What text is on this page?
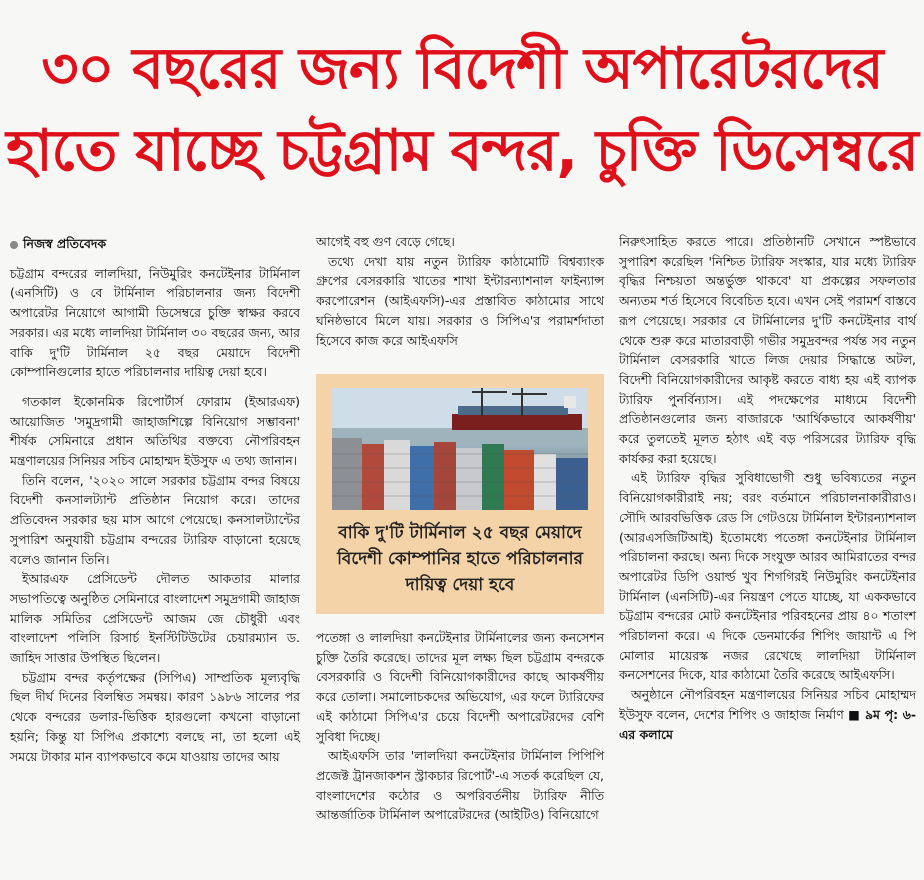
৩০ বছরের জন্য বিদেশী অপারেটরদের
হাতে যাচ্ছে চট্টগ্রাম বন্দর, চুক্তি ডিসেম্বরে
নিজস্ব প্রতিবেদক

চট্টগ্রাম বন্দরের লালদিয়া, নিউমুরিং কনটেইনার টার্মিনাল (এনসিটি) ও বে টার্মিনাল পরিচালনার জন্য বিদেশী অপারেটর নিয়োগে আগামী ডিসেম্বরে চুক্তি স্বাক্ষর করবে সরকার। এর মধ্যে লালদিয়া টার্মিনাল ৩০ বছরের জন্য, আর বাকি দু'টি টার্মিনাল ২৫ বছর মেয়াদে বিদেশী কোম্পানিগুলোর হাতে পরিচালনার দায়িত্ব দেয়া হবে।

গতকাল ইকোনমিক রিপোর্টার্স ফোরাম (ইআরএফ) আয়োজিত 'সমুদ্রগামী জাহাজশিল্পে বিনিয়োগ সম্ভাবনা' শীর্ষক সেমিনারে প্রধান অতিথির বক্তব্যে নৌপরিবহন মন্ত্রণালয়ের সিনিয়র সচিব মোহাম্মদ ইউসুফ এ তথ্য জানান।

তিনি বলেন, '২০২০ সালে সরকার চট্টগ্রাম বন্দর বিষয়ে বিদেশী কনসালট্যান্ট প্রতিষ্ঠান নিয়োগ করে। তাদের প্রতিবেদন সরকার ছয় মাস আগে পেয়েছে। কনসালট্যান্টের সুপারিশ অনুযায়ী চট্টগ্রাম বন্দরের ট্যারিফ বাড়ানো হয়েছে বলেও জানান তিনি।

ইআরএফ প্রেসিডেন্ট দৌলত আকতার মালার সভাপতিত্বে অনুষ্ঠিত সেমিনারে বাংলাদেশ সমুদ্রগামী জাহাজ মালিক সমিতির প্রেসিডেন্ট আজম জে চৌধুরী এবং বাংলাদেশ পলিসি রিসার্চ ইনস্টিটিউটের চেয়ারম্যান ড. জাহিদ সাত্তার উপস্থিত ছিলেন।

চট্টগ্রাম বন্দর কর্তৃপক্ষের (সিপিএ) সাম্প্রতিক মূল্যবৃদ্ধি ছিল দীর্ঘ দিনের বিলম্বিত সমন্বয়। কারণ ১৯৮৬ সালের পর থেকে বন্দরের ডলার-ভিত্তিক হারগুলো কখনো বাড়ানো হয়নি; কিন্তু যা সিপিএ প্রকাশ্যে বলছে না, তা হলো এই সময়ে টাকার মান ব্যাপকভাবে কমে যাওয়ায় তাদের আয়

আগেই বহু গুণ বেড়ে গেছে।

তথ্যে দেখা যায় নতুন ট্যারিফ কাঠামোটি বিশ্বব্যাংক গ্রুপের বেসরকারি খাতের শাখা ইন্টারন্যাশনাল ফাইন্যান্স করপোরেশন (আইএফসি)-এর প্রস্তাবিত কাঠামোর সাথে ঘনিষ্ঠভাবে মিলে যায়। সরকার ও সিপিএ'র পরামর্শদাতা হিসেবে কাজ করে আইএফসি

বাকি দু'টি টার্মিনাল ২৫ বছর মেয়াদে বিদেশী কোম্পানির হাতে পরিচালনার দায়িত্ব দেয়া হবে

পতেঙ্গা ও লালদিয়া কনটেইনার টার্মিনালের জন্য কনসেশন চুক্তি তৈরি করেছে। তাদের মূল লক্ষ্য ছিল চট্টগ্রাম বন্দরকে বেসরকারি ও বিদেশী বিনিয়োগকারীদের কাছে আকর্ষণীয় করে তোলা। সমালোচকদের অভিযোগ, এর ফলে ট্যারিফের এই কাঠামো সিপিএ'র চেয়ে বিদেশী অপারেটরদের বেশি সুবিধা দিচ্ছে।

আইএফসি তার 'লালদিয়া কনটেইনার টার্মিনাল পিপিপি প্রজেক্ট ট্রানজাকশন স্ট্রাকচার রিপোর্ট'-এ সতর্ক করেছিল যে, বাংলাদেশের কঠোর ও অপরিবর্তনীয় ট্যারিফ নীতি আন্তর্জাতিক টার্মিনাল অপারেটরদের (আইটিও) বিনিয়োগে

নিরুৎসাহিত করতে পারে। প্রতিষ্ঠানটি সেখানে স্পষ্টভাবে সুপারিশ করেছিল 'নিশ্চিত ট্যারিফ সংস্কার, যার মধ্যে ট্যারিফ বৃদ্ধির নিশ্চয়তা অন্তর্ভুক্ত থাকবে' যা প্রকল্পের সফলতার অন্যতম শর্ত হিসেবে বিবেচিত হবে। এখন সেই পরামর্শ বাস্তবে রূপ পেয়েছে। সরকার বে টার্মিনালের দু'টি কনটেইনার বার্থ থেকে শুরু করে মাতারবাড়ী গভীর সমুদ্রবন্দর পর্যন্ত সব নতুন টার্মিনাল বেসরকারি খাতে লিজ দেয়ার সিদ্ধান্তে অটল, বিদেশী বিনিয়োগকারীদের আকৃষ্ট করতে বাধ্য হয় এই ব্যাপক ট্যারিফ পুনর্বিন্যাস। এই পদক্ষেপের মাধ্যমে বিদেশী প্রতিষ্ঠানগুলোর জন্য বাজারকে 'আর্থিকভাবে আকর্ষণীয়' করে তুলতেই মূলত হঠাৎ এই বড় পরিসরের ট্যারিফ বৃদ্ধি কার্যকর করা হয়েছে।

এই ট্যারিফ বৃদ্ধির সুবিধাভোগী শুধু ভবিষ্যতের নতুন বিনিয়োগকারীরাই নয়; বরং বর্তমানে পরিচালনাকারীরাও। সৌদি আরবভিত্তিক রেড সি গেটওয়ে টার্মিনাল ইন্টারন্যাশনাল (আরএসজিটিআই) ইতোমধ্যে পতেঙ্গা কনটেইনার টার্মিনাল পরিচালনা করছে। অন্য দিকে সংযুক্ত আরব আমিরাতের বন্দর অপারেটর ডিপি ওয়ার্ল্ড খুব শিগগিরই নিউমুরিং কনটেইনার টার্মিনাল (এনসিটি)-এর নিয়ন্ত্রণ পেতে যাচ্ছে, যা এককভাবে চট্টগ্রাম বন্দরের মোট কনটেইনার পরিবহনের প্রায় ৪০ শতাংশ পরিচালনা করে। এ দিকে ডেনমার্কের শিপিং জায়ান্ট এ পি মোলার মায়েরস্ক নজর রেখেছে লালদিয়া টার্মিনাল কনসেশনের দিকে, যার কাঠামো তৈরি করেছে আইএফসি।

অনুষ্ঠানে নৌপরিবহন মন্ত্রণালয়ের সিনিয়র সচিব মোহাম্মদ ইউসুফ বলেন, দেশের শিপিং ও জাহাজ নির্মাণ ■ ৯ম পৃ: ৬-এর কলামে
